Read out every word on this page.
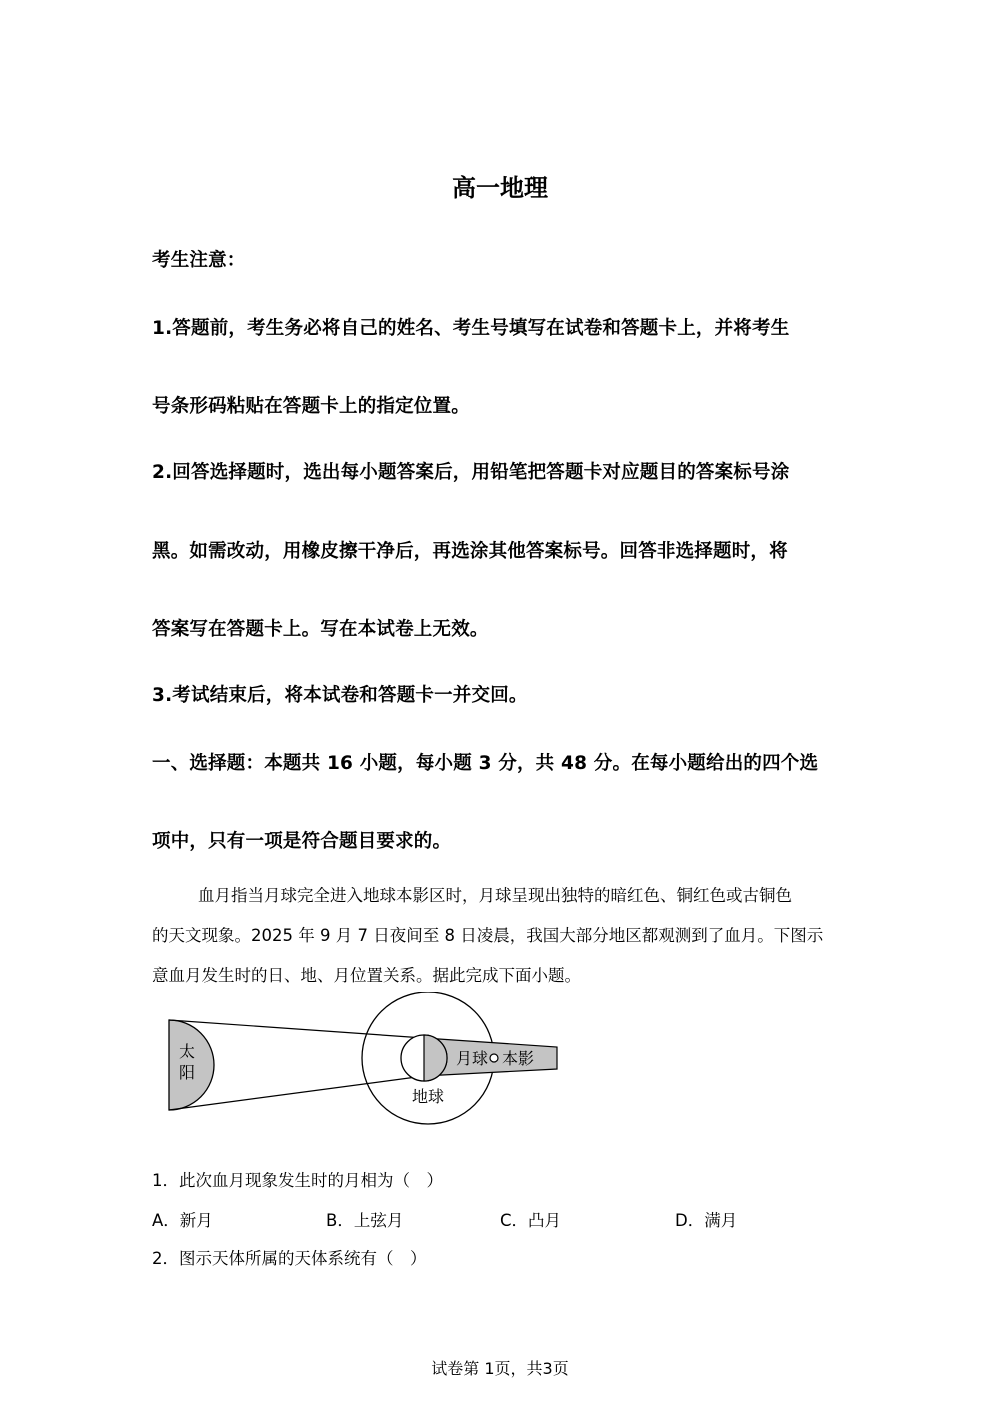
高一地理
考生注意：
1.答题前，考生务必将自己的姓名、考生号填写在试卷和答题卡上，并将考生
号条形码粘贴在答题卡上的指定位置。
2.回答选择题时，选出每小题答案后，用铅笔把答题卡对应题目的答案标号涂
黑。如需改动，用橡皮擦干净后，再选涂其他答案标号。回答非选择题时，将
答案写在答题卡上。写在本试卷上无效。
3.考试结束后，将本试卷和答题卡一并交回。
一、选择题：本题共 16 小题，每小题 3 分，共 48 分。在每小题给出的四个选
项中，只有一项是符合题目要求的。
血月指当月球完全进入地球本影区时，月球呈现出独特的暗红色、铜红色或古铜色
的天文现象。2025 年 9 月 7 日夜间至 8 日凌晨，我国大部分地区都观测到了血月。下图示
意血月发生时的日、地、月位置关系。据此完成下面小题。
太
阳
地球
月球 本影
1．此次血月现象发生时的月相为（　）
A．新月	B．上弦月	C．凸月	D．满月
2．图示天体所属的天体系统有（　）
试卷第 1页，共3页
